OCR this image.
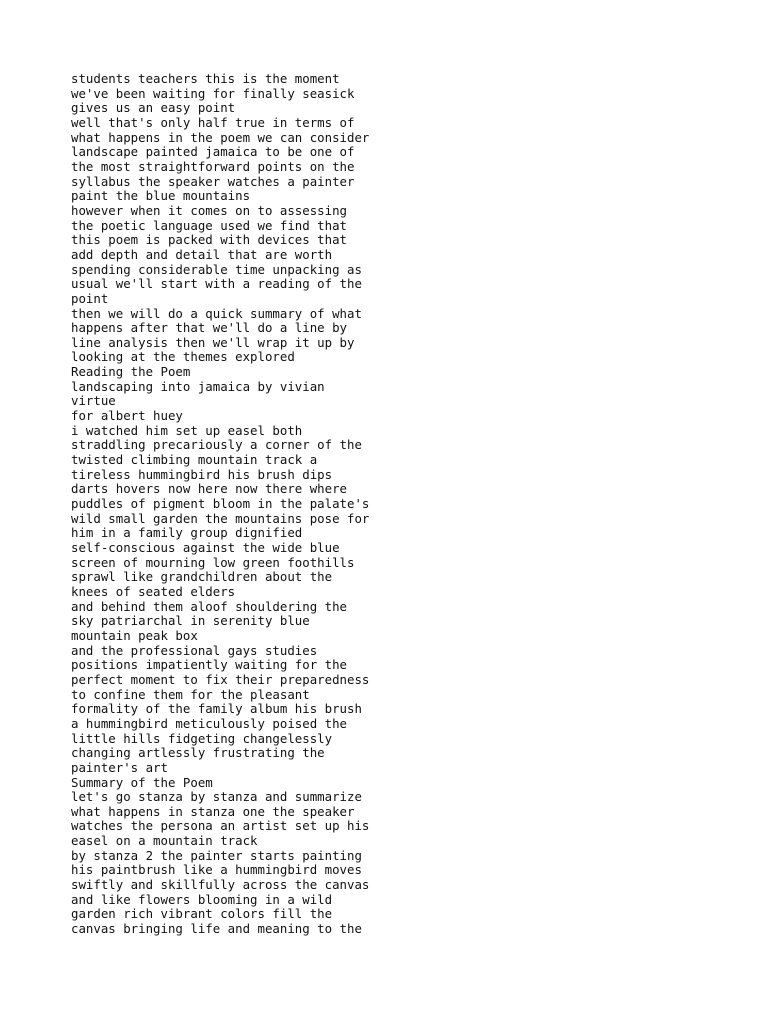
students teachers this is the moment
we've been waiting for finally seasick
gives us an easy point
well that's only half true in terms of
what happens in the poem we can consider
landscape painted jamaica to be one of
the most straightforward points on the
syllabus the speaker watches a painter
paint the blue mountains
however when it comes on to assessing
the poetic language used we find that
this poem is packed with devices that
add depth and detail that are worth
spending considerable time unpacking as
usual we'll start with a reading of the
point
then we will do a quick summary of what
happens after that we'll do a line by
line analysis then we'll wrap it up by
looking at the themes explored
Reading the Poem
landscaping into jamaica by vivian
virtue
for albert huey
i watched him set up easel both
straddling precariously a corner of the
twisted climbing mountain track a
tireless hummingbird his brush dips
darts hovers now here now there where
puddles of pigment bloom in the palate's
wild small garden the mountains pose for
him in a family group dignified
self-conscious against the wide blue
screen of mourning low green foothills
sprawl like grandchildren about the
knees of seated elders
and behind them aloof shouldering the
sky patriarchal in serenity blue
mountain peak box
and the professional gays studies
positions impatiently waiting for the
perfect moment to fix their preparedness
to confine them for the pleasant
formality of the family album his brush
a hummingbird meticulously poised the
little hills fidgeting changelessly
changing artlessly frustrating the
painter's art
Summary of the Poem
let's go stanza by stanza and summarize
what happens in stanza one the speaker
watches the persona an artist set up his
easel on a mountain track
by stanza 2 the painter starts painting
his paintbrush like a hummingbird moves
swiftly and skillfully across the canvas
and like flowers blooming in a wild
garden rich vibrant colors fill the
canvas bringing life and meaning to the
